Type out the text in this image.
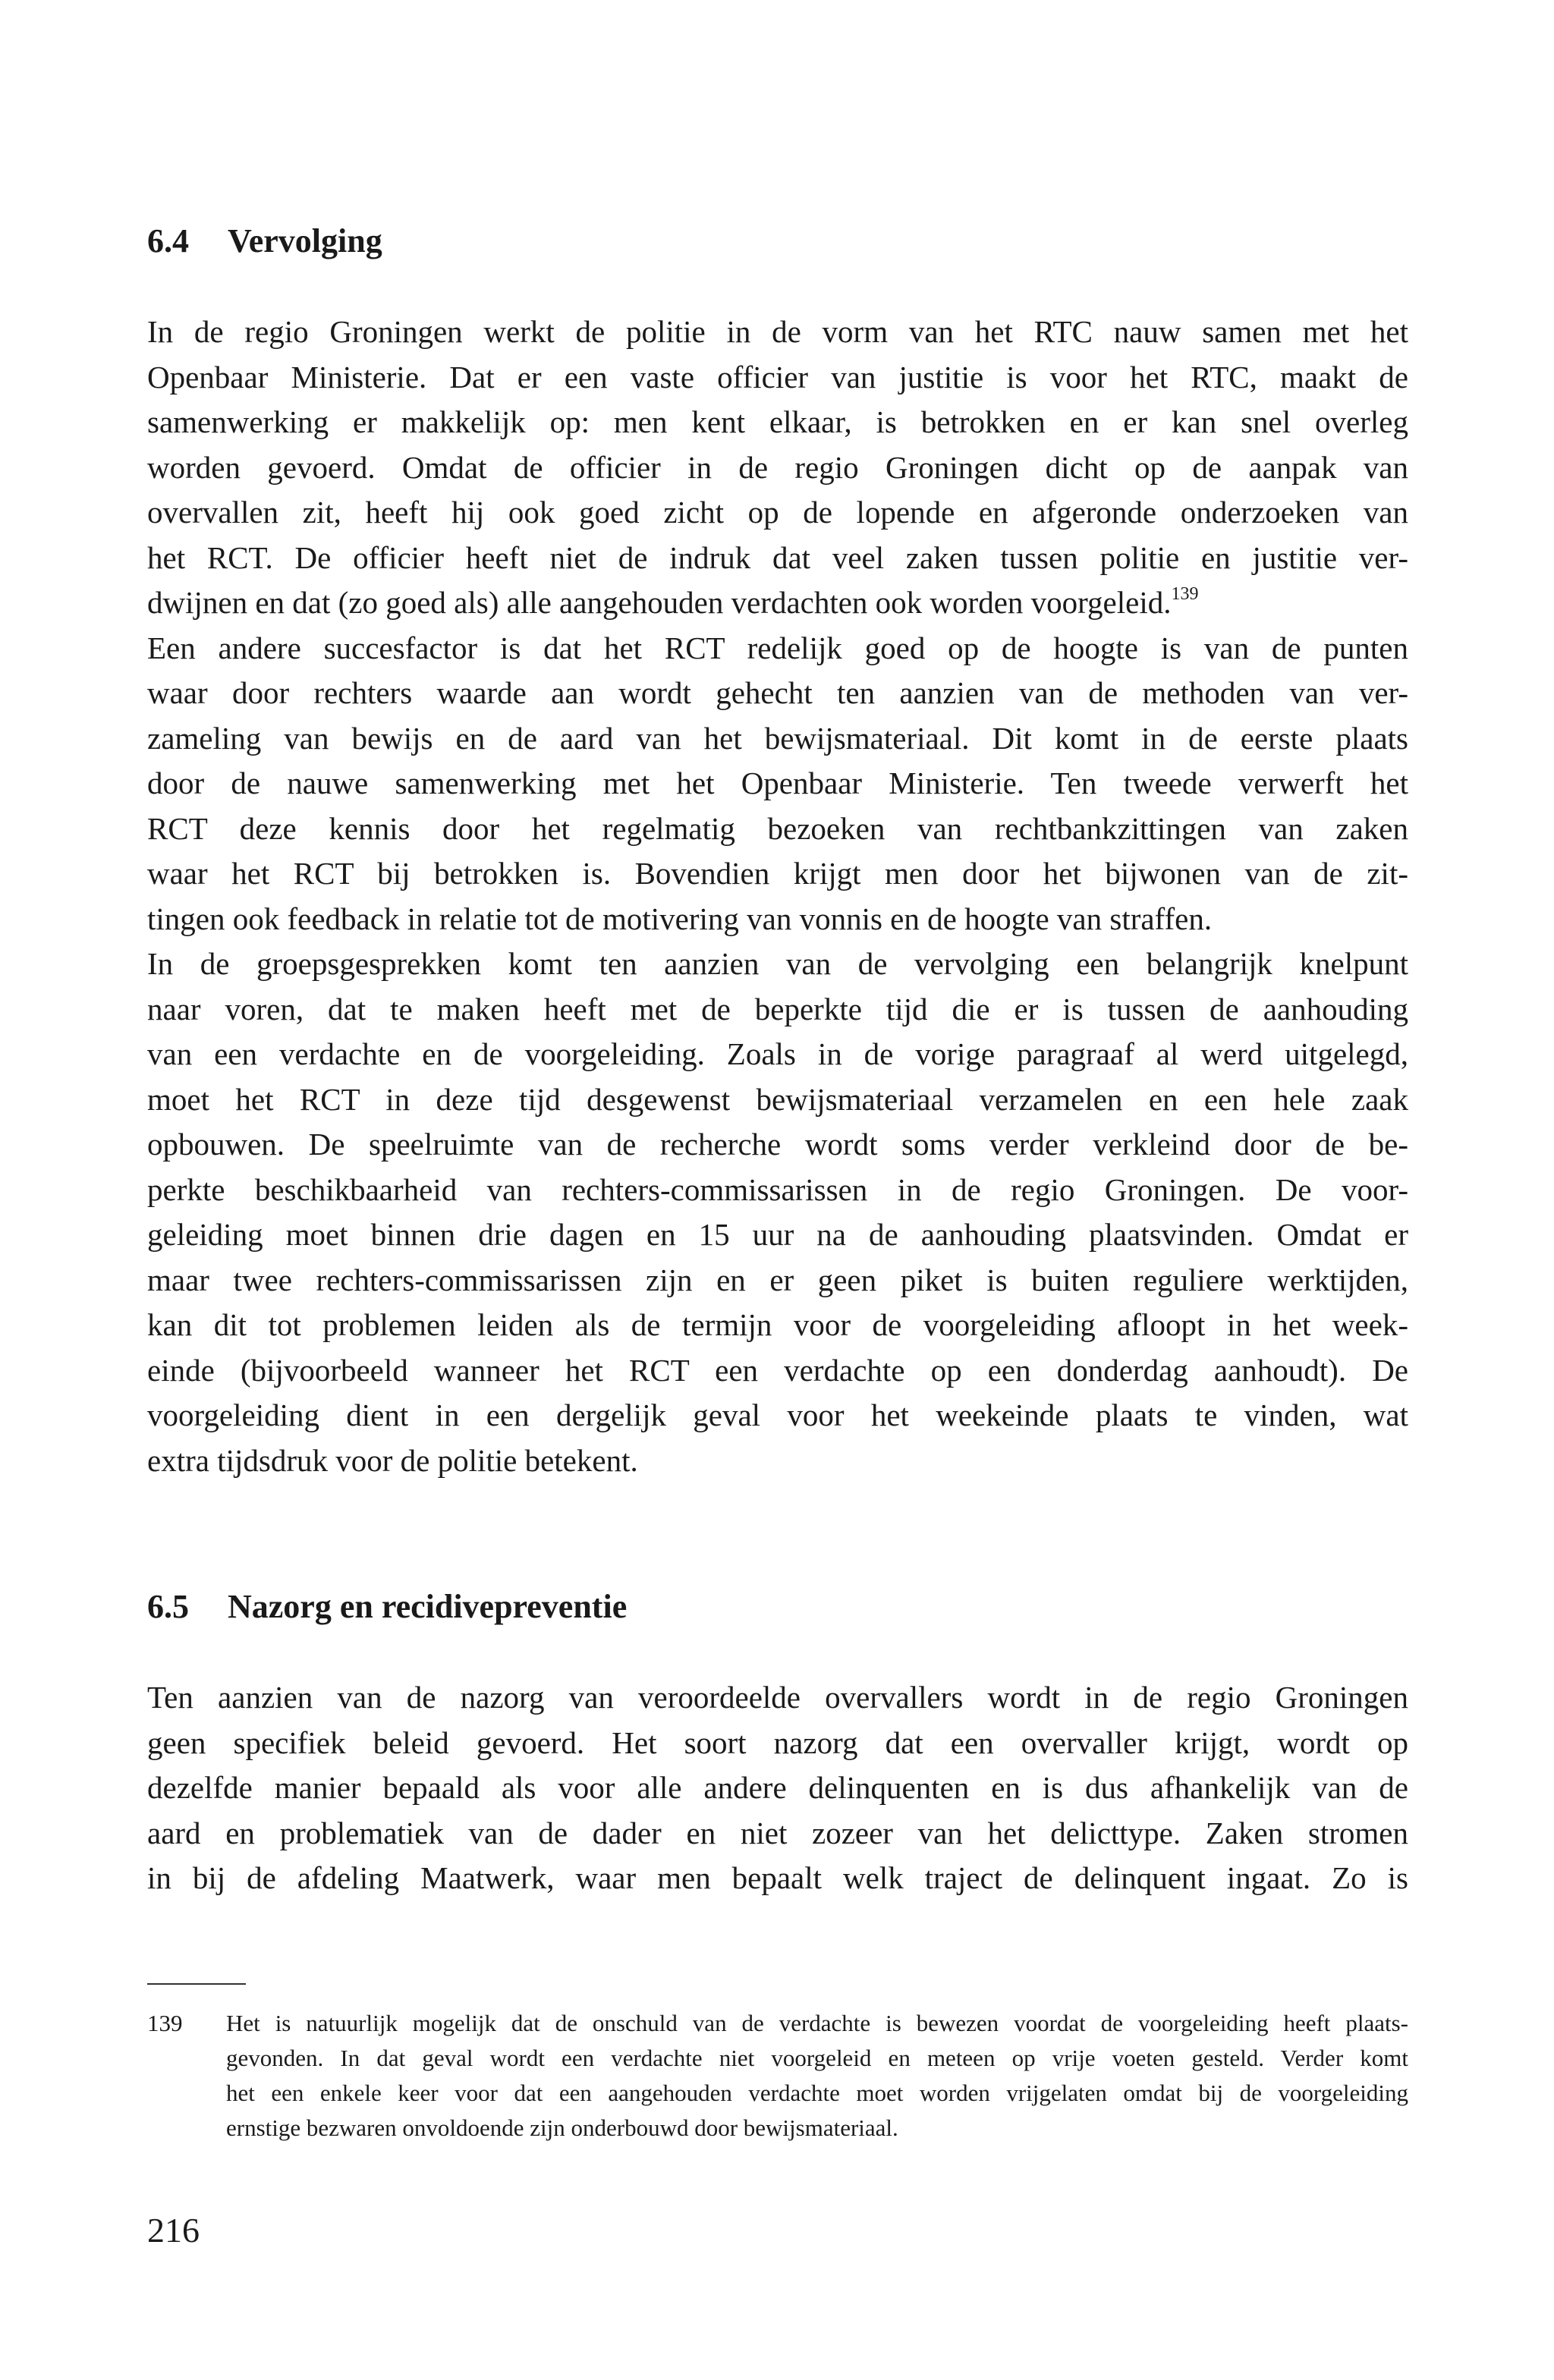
6.4 Vervolging
In de regio Groningen werkt de politie in de vorm van het RTC nauw samen met het
Openbaar Ministerie. Dat er een vaste officier van justitie is voor het RTC, maakt de
samenwerking er makkelijk op: men kent elkaar, is betrokken en er kan snel overleg
worden gevoerd. Omdat de officier in de regio Groningen dicht op de aanpak van
overvallen zit, heeft hij ook goed zicht op de lopende en afgeronde onderzoeken van
het RCT. De officier heeft niet de indruk dat veel zaken tussen politie en justitie ver-
dwijnen en dat (zo goed als) alle aangehouden verdachten ook worden voorgeleid.$^{139}$
Een andere succesfactor is dat het RCT redelijk goed op de hoogte is van de punten
waar door rechters waarde aan wordt gehecht ten aanzien van de methoden van ver-
zameling van bewijs en de aard van het bewijsmateriaal. Dit komt in de eerste plaats
door de nauwe samenwerking met het Openbaar Ministerie. Ten tweede verwerft het
RCT deze kennis door het regelmatig bezoeken van rechtbankzittingen van zaken
waar het RCT bij betrokken is. Bovendien krijgt men door het bijwonen van de zit-
tingen ook feedback in relatie tot de motivering van vonnis en de hoogte van straffen.
In de groepsgesprekken komt ten aanzien van de vervolging een belangrijk knelpunt
naar voren, dat te maken heeft met de beperkte tijd die er is tussen de aanhouding
van een verdachte en de voorgeleiding. Zoals in de vorige paragraaf al werd uitgelegd,
moet het RCT in deze tijd desgewenst bewijsmateriaal verzamelen en een hele zaak
opbouwen. De speelruimte van de recherche wordt soms verder verkleind door de be-
perkte beschikbaarheid van rechters-commissarissen in de regio Groningen. De voor-
geleiding moet binnen drie dagen en 15 uur na de aanhouding plaatsvinden. Omdat er
maar twee rechters-commissarissen zijn en er geen piket is buiten reguliere werktijden,
kan dit tot problemen leiden als de termijn voor de voorgeleiding afloopt in het week-
einde (bijvoorbeeld wanneer het RCT een verdachte op een donderdag aanhoudt). De
voorgeleiding dient in een dergelijk geval voor het weekeinde plaats te vinden, wat
extra tijdsdruk voor de politie betekent.
6.5 Nazorg en recidivepreventie
Ten aanzien van de nazorg van veroordeelde overvallers wordt in de regio Groningen
geen specifiek beleid gevoerd. Het soort nazorg dat een overvaller krijgt, wordt op
dezelfde manier bepaald als voor alle andere delinquenten en is dus afhankelijk van de
aard en problematiek van de dader en niet zozeer van het delicttype. Zaken stromen
in bij de afdeling Maatwerk, waar men bepaalt welk traject de delinquent ingaat. Zo is
139 Het is natuurlijk mogelijk dat de onschuld van de verdachte is bewezen voordat de voorgeleiding heeft plaats-
gevonden. In dat geval wordt een verdachte niet voorgeleid en meteen op vrije voeten gesteld. Verder komt
het een enkele keer voor dat een aangehouden verdachte moet worden vrijgelaten omdat bij de voorgeleiding
ernstige bezwaren onvoldoende zijn onderbouwd door bewijsmateriaal.
216
